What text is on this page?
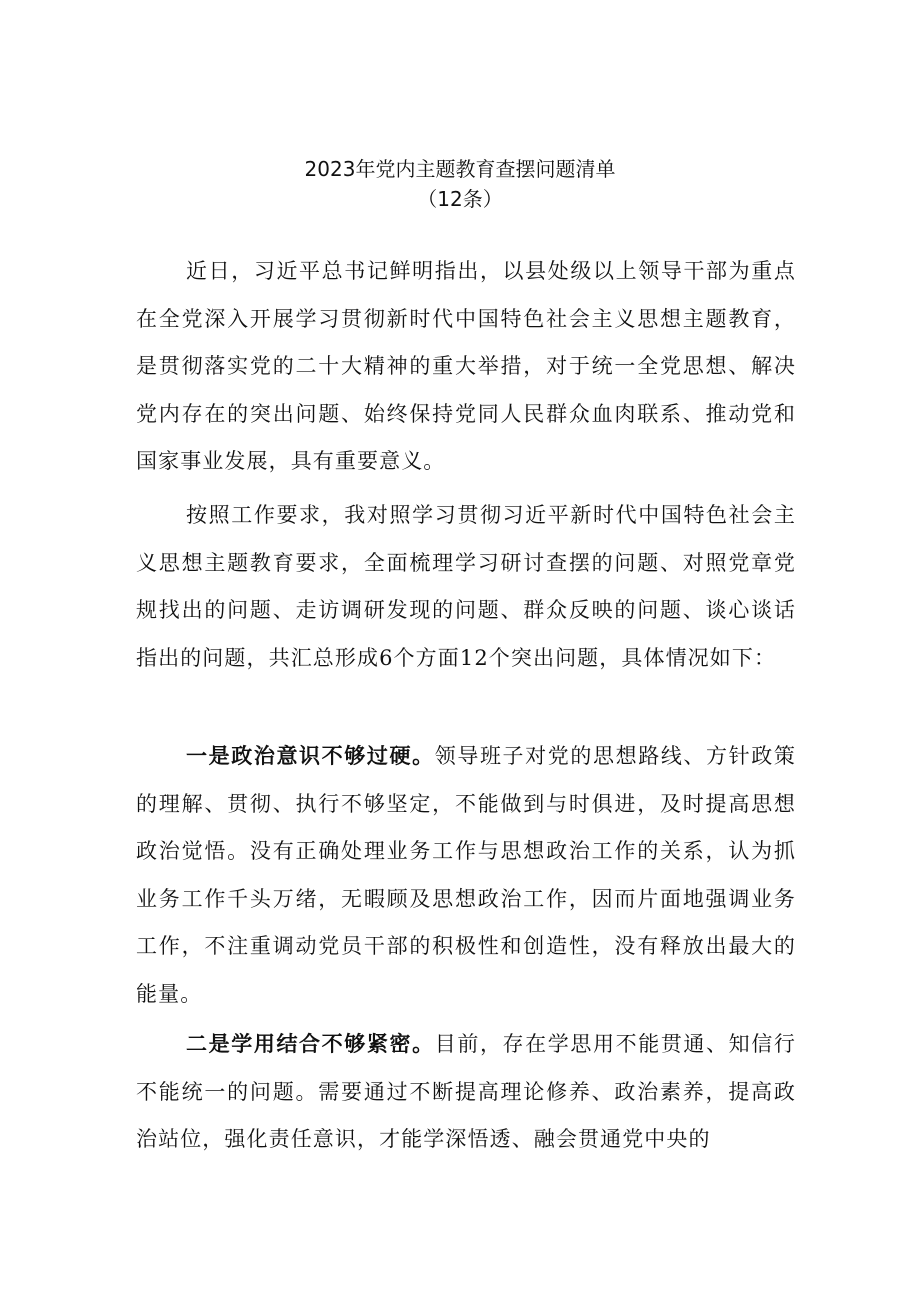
2023年党内主题教育查摆问题清单
（12条）

近日，习近平总书记鲜明指出，以县处级以上领导干部为重点在全党深入开展学习贯彻新时代中国特色社会主义思想主题教育，是贯彻落实党的二十大精神的重大举措，对于统一全党思想、解决党内存在的突出问题、始终保持党同人民群众血肉联系、推动党和国家事业发展，具有重要意义。

按照工作要求，我对照学习贯彻习近平新时代中国特色社会主义思想主题教育要求，全面梳理学习研讨查摆的问题、对照党章党规找出的问题、走访调研发现的问题、群众反映的问题、谈心谈话指出的问题，共汇总形成6个方面12个突出问题，具体情况如下：

一是政治意识不够过硬。领导班子对党的思想路线、方针政策的理解、贯彻、执行不够坚定，不能做到与时俱进，及时提高思想政治觉悟。没有正确处理业务工作与思想政治工作的关系，认为抓业务工作千头万绪，无暇顾及思想政治工作，因而片面地强调业务工作，不注重调动党员干部的积极性和创造性，没有释放出最大的能量。

二是学用结合不够紧密。目前，存在学思用不能贯通、知信行不能统一的问题。需要通过不断提高理论修养、政治素养，提高政治站位，强化责任意识，才能学深悟透、融会贯通党中央的
